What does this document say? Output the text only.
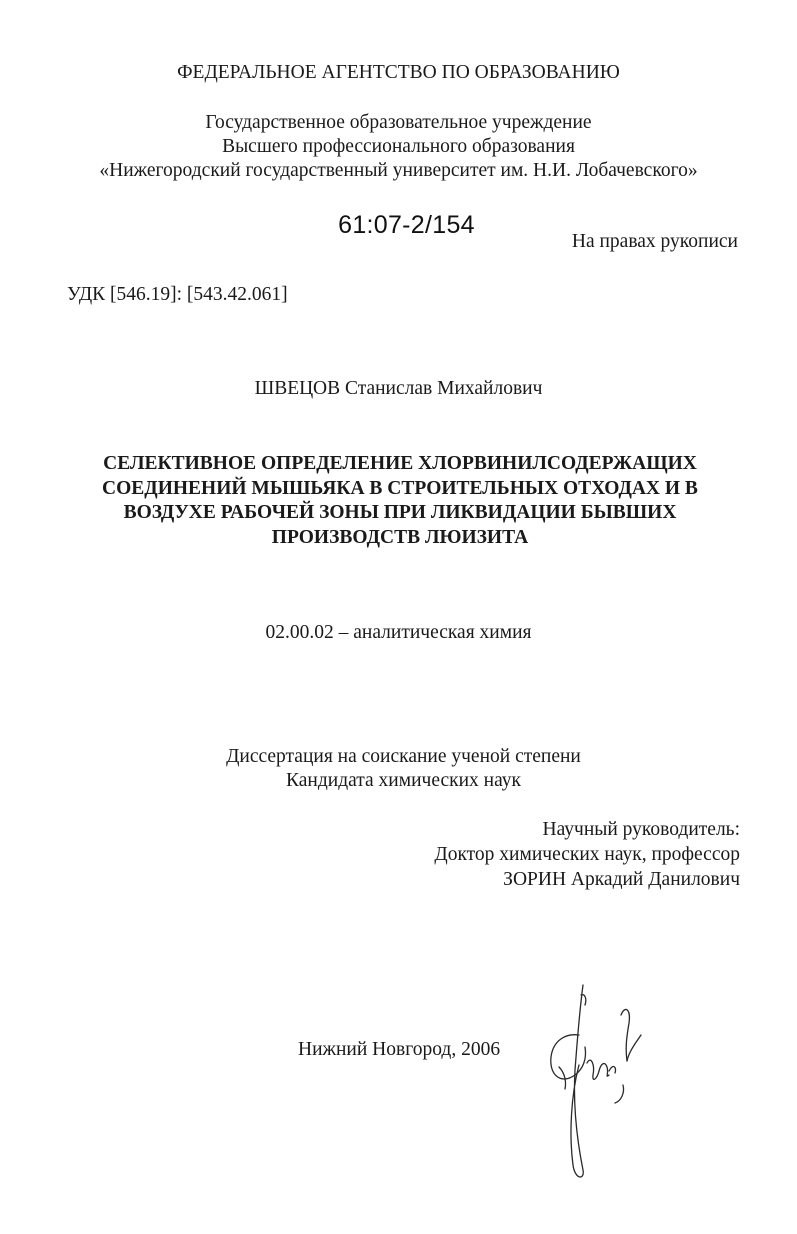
ФЕДЕРАЛЬНОЕ АГЕНТСТВО ПО ОБРАЗОВАНИЮ
Государственное образовательное учреждение
Высшего профессионального образования
«Нижегородский государственный университет им. Н.И. Лобачевского»
61:07-2/154
На правах рукописи
УДК [546.19]: [543.42.061]
ШВЕЦОВ Станислав Михайлович
СЕЛЕКТИВНОЕ ОПРЕДЕЛЕНИЕ ХЛОРВИНИЛСОДЕРЖАЩИХ
СОЕДИНЕНИЙ МЫШЬЯКА В СТРОИТЕЛЬНЫХ ОТХОДАХ И В
ВОЗДУХЕ РАБОЧЕЙ ЗОНЫ ПРИ ЛИКВИДАЦИИ БЫВШИХ
ПРОИЗВОДСТВ ЛЮИЗИТА
02.00.02 – аналитическая химия
Диссертация на соискание ученой степени
Кандидата химических наук
Научный руководитель:
Доктор химических наук, профессор
ЗОРИН Аркадий Данилович
Нижний Новгород, 2006
